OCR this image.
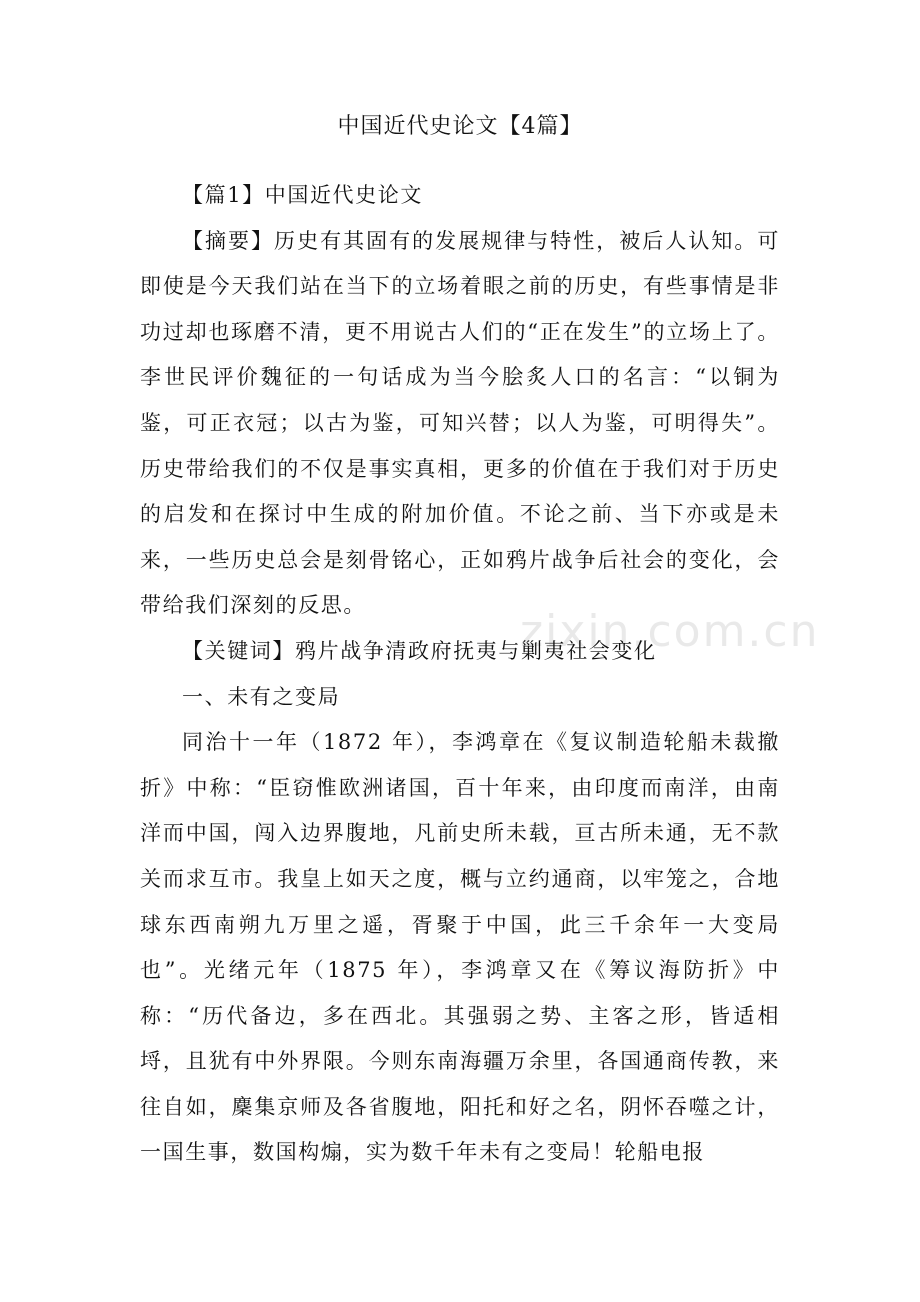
中国近代史论文【4篇】
zixin.com.cn

【篇1】中国近代史论文

【摘要】历史有其固有的发展规律与特性，被后人认知。可即使是今天我们站在当下的立场着眼之前的历史，有些事情是非功过却也琢磨不清，更不用说古人们的“正在发生”的立场上了。李世民评价魏征的一句话成为当今脍炙人口的名言：“以铜为鉴，可正衣冠；以古为鉴，可知兴替；以人为鉴，可明得失”。历史带给我们的不仅是事实真相，更多的价值在于我们对于历史的启发和在探讨中生成的附加价值。不论之前、当下亦或是未来，一些历史总会是刻骨铭心，正如鸦片战争后社会的变化，会带给我们深刻的反思。

【关键词】鸦片战争清政府抚夷与剿夷社会变化

一、未有之变局

同治十一年（1872 年），李鸿章在《复议制造轮船未裁撤折》中称：“臣窃惟欧洲诸国，百十年来，由印度而南洋，由南洋而中国，闯入边界腹地，凡前史所未载，亘古所未通，无不款关而求互市。我皇上如天之度，概与立约通商，以牢笼之，合地球东西南朔九万里之遥，胥聚于中国，此三千余年一大变局也”。光绪元年（1875 年），李鸿章又在《筹议海防折》中称：“历代备边，多在西北。其强弱之势、主客之形，皆适相埒，且犹有中外界限。今则东南海疆万余里，各国通商传教，来往自如，麇集京师及各省腹地，阳托和好之名，阴怀吞噬之计，一国生事，数国构煽，实为数千年未有之变局！轮船电报
